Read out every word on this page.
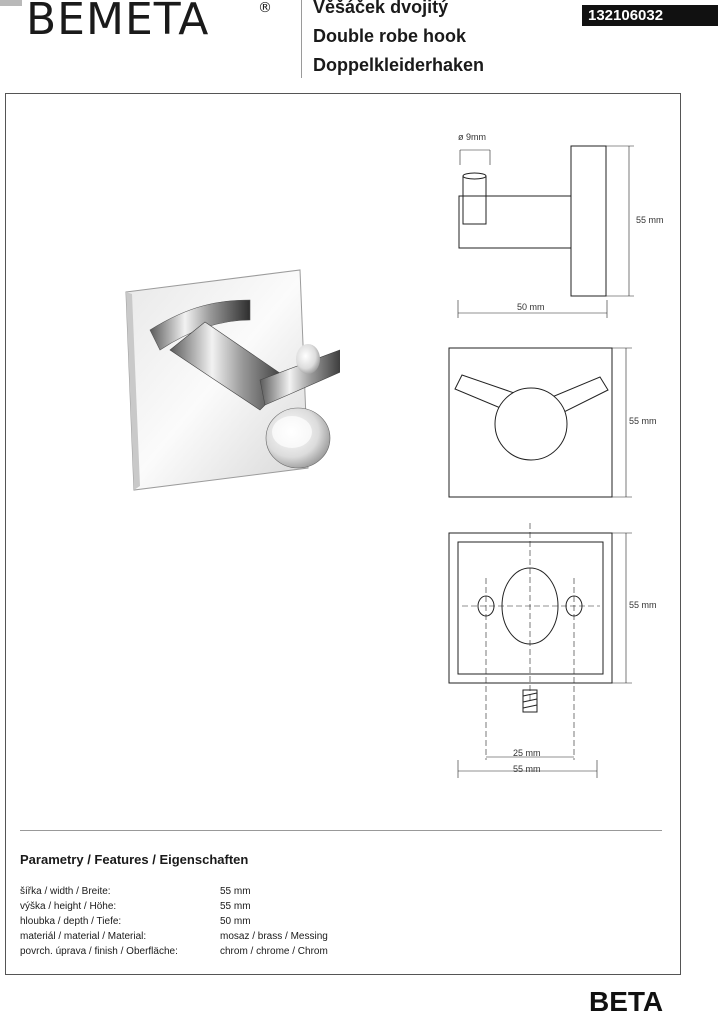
BEMETA	® Věšáček dvojitý
Double robe hook
Doppelkleiderhaken
132106032
ø 9mm
55 mm
50 mm
55 mm
55 mm
25 mm
55 mm
Parametry / Features / Eigenschaften
šířka / width / Breite:	55 mm
výška / height / Höhe:	55 mm
hloubka / depth / Tiefe:	50 mm
materiál / material / Material:	mosaz / brass / Messing
povrch. úprava / finish / Oberfläche:	chrom / chrome / Chrom
BETA
